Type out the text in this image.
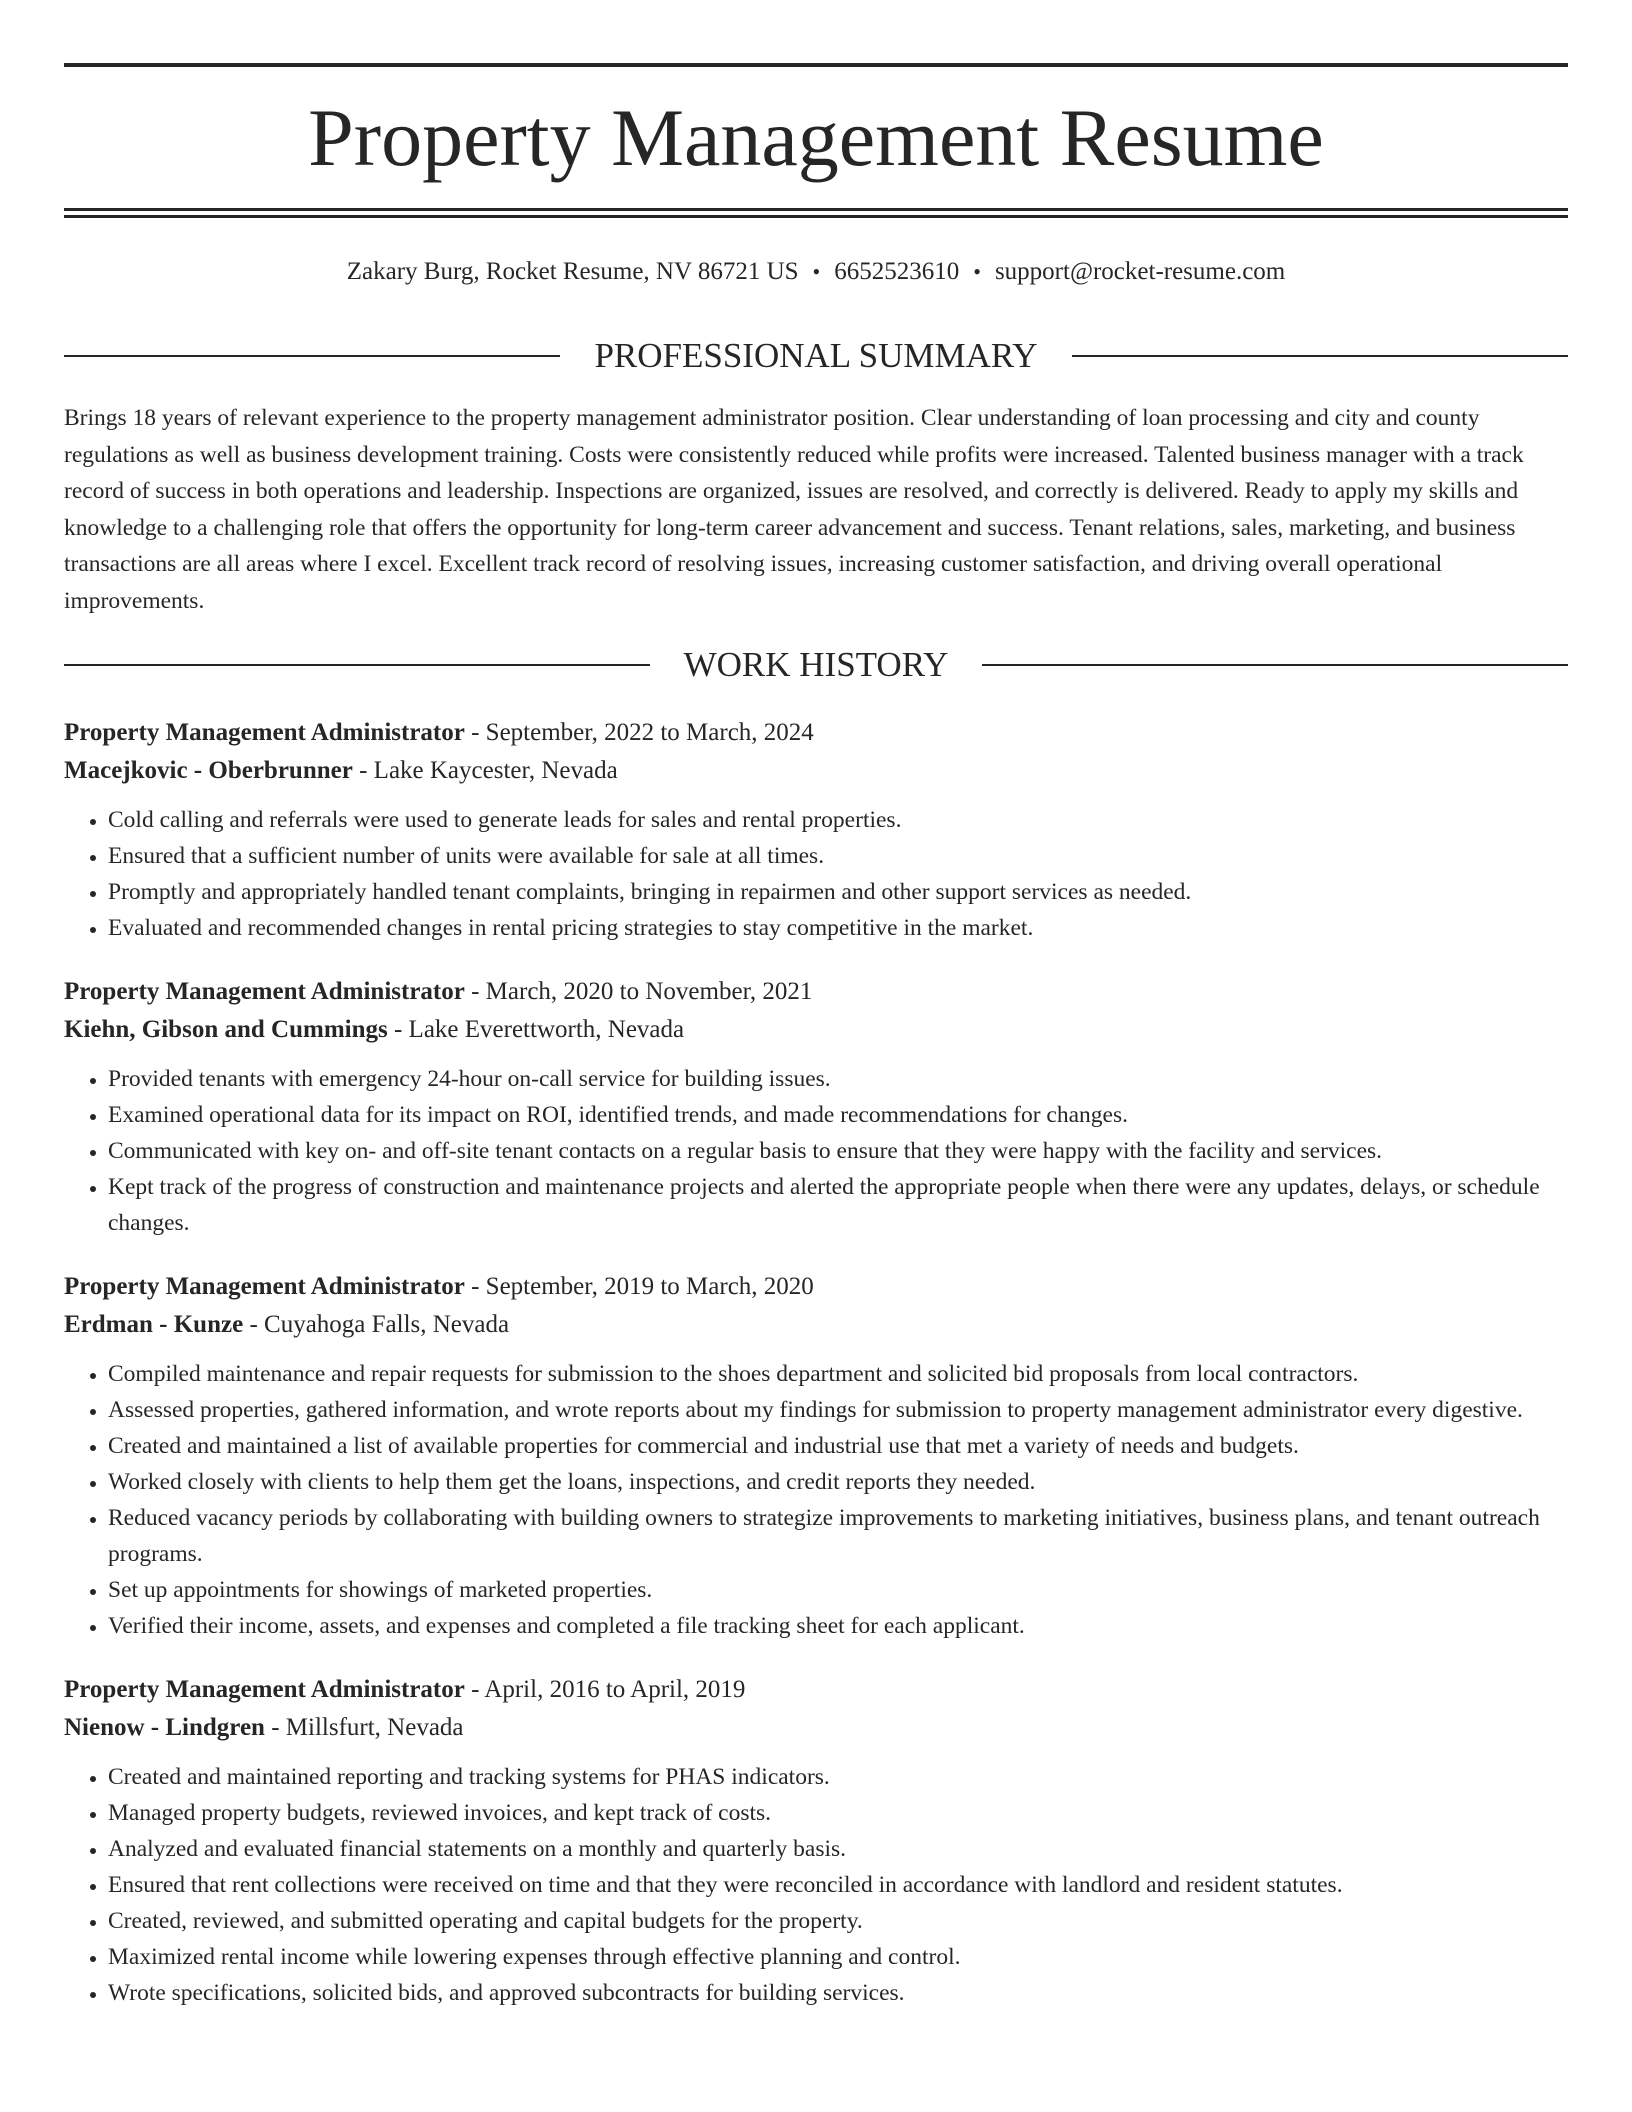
Property Management Resume
Zakary Burg, Rocket Resume, NV 86721 US • 6652523610 • support@rocket-resume.com
PROFESSIONAL SUMMARY

Brings 18 years of relevant experience to the property management administrator position. Clear understanding of loan processing and city and county regulations as well as business development training. Costs were consistently reduced while profits were increased. Talented business manager with a track record of success in both operations and leadership. Inspections are organized, issues are resolved, and correctly is delivered. Ready to apply my skills and knowledge to a challenging role that offers the opportunity for long-term career advancement and success. Tenant relations, sales, marketing, and business transactions are all areas where I excel. Excellent track record of resolving issues, increasing customer satisfaction, and driving overall operational improvements.

WORK HISTORY
Property Management Administrator - September, 2022 to March, 2024
Macejkovic - Oberbrunner - Lake Kaycester, Nevada
• Cold calling and referrals were used to generate leads for sales and rental properties.
• Ensured that a sufficient number of units were available for sale at all times.
• Promptly and appropriately handled tenant complaints, bringing in repairmen and other support services as needed.
• Evaluated and recommended changes in rental pricing strategies to stay competitive in the market.
Property Management Administrator - March, 2020 to November, 2021
Kiehn, Gibson and Cummings - Lake Everettworth, Nevada
• Provided tenants with emergency 24-hour on-call service for building issues.
• Examined operational data for its impact on ROI, identified trends, and made recommendations for changes.
• Communicated with key on- and off-site tenant contacts on a regular basis to ensure that they were happy with the facility and services.
• Kept track of the progress of construction and maintenance projects and alerted the appropriate people when there were any updates, delays, or schedule changes.
Property Management Administrator - September, 2019 to March, 2020
Erdman - Kunze - Cuyahoga Falls, Nevada
• Compiled maintenance and repair requests for submission to the shoes department and solicited bid proposals from local contractors.
• Assessed properties, gathered information, and wrote reports about my findings for submission to property management administrator every digestive.
• Created and maintained a list of available properties for commercial and industrial use that met a variety of needs and budgets.
• Worked closely with clients to help them get the loans, inspections, and credit reports they needed.
• Reduced vacancy periods by collaborating with building owners to strategize improvements to marketing initiatives, business plans, and tenant outreach programs.
• Set up appointments for showings of marketed properties.
• Verified their income, assets, and expenses and completed a file tracking sheet for each applicant.
Property Management Administrator - April, 2016 to April, 2019
Nienow - Lindgren - Millsfurt, Nevada
• Created and maintained reporting and tracking systems for PHAS indicators.
• Managed property budgets, reviewed invoices, and kept track of costs.
• Analyzed and evaluated financial statements on a monthly and quarterly basis.
• Ensured that rent collections were received on time and that they were reconciled in accordance with landlord and resident statutes.
• Created, reviewed, and submitted operating and capital budgets for the property.
• Maximized rental income while lowering expenses through effective planning and control.
• Wrote specifications, solicited bids, and approved subcontracts for building services.
